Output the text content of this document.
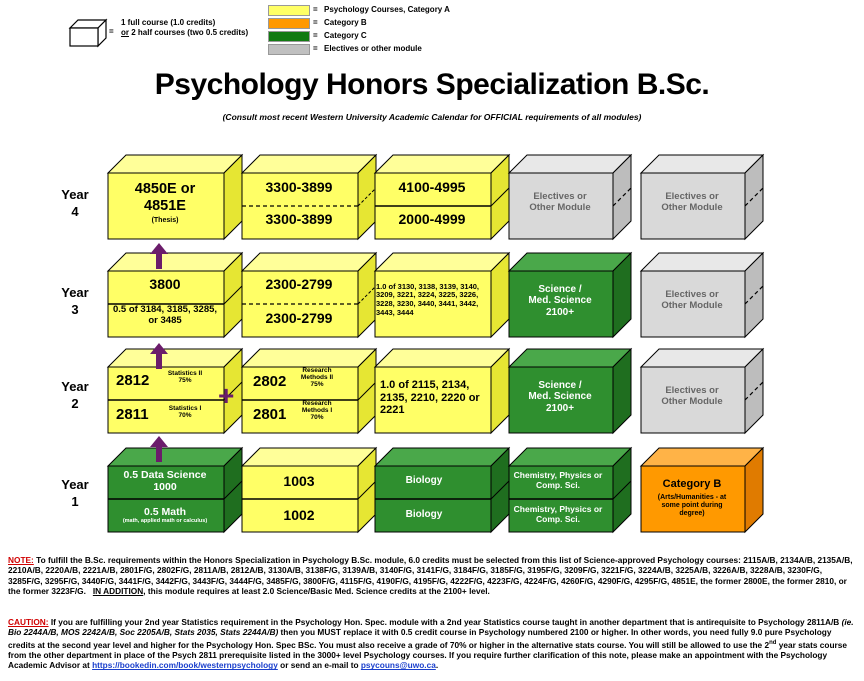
=
1 full course (1.0 credits)
or 2 half courses (two 0.5 credits)
= Psychology Courses, Category A
= Category B
= Category C
= Electives or other module
Psychology Honors Specialization B.Sc.
(Consult most recent Western University Academic Calendar for OFFICIAL requirements of all modules)
Year
4
Year
3
Year
2
Year
1
+
4850E or
4851E
(Thesis)
3300-3899
3300-3899
4100-4995
2000-4999
Electives or
Other Module
Electives or
Other Module
3800
0.5 of 3184, 3185, 3285, or 3485
2300-2799
2300-2799
1.0 of 3130, 3138, 3139, 3140, 3209, 3221, 3224, 3225, 3226, 3228, 3230, 3440, 3441, 3442, 3443, 3444
Science /
Med. Science
2100+
Electives or
Other Module
2812	Statistics II
75%
2811	Statistics I
70%
2802
Research Methods II
75%
2801
Research Methods I
70%
1.0 of 2115, 2134, 2135, 2210, 2220 or 2221
Science /
Med. Science
2100+
Electives or
Other Module
0.5 Data Science
1000
0.5 Math
(math, applied math or calculus)
1003
1002
Biology
Biology
Chemistry, Physics or Comp. Sci.
Chemistry, Physics or Comp. Sci.
Category B
(Arts/Humanities - at some point during degree)
NOTE: To fulfill the B.Sc. requirements within the Honors Specialization in Psychology B.Sc. module, 6.0 credits must be selected from this list of Science-approved Psychology courses: 2115A/B, 2134A/B, 2135A/B, 2210A/B, 2220A/B, 2221A/B, 2801F/G, 2802F/G, 2811A/B, 2812A/B, 3130A/B, 3138F/G, 3139A/B, 3140F/G, 3141F/G, 3184F/G, 3185F/G, 3195F/G, 3209F/G, 3221F/G, 3224A/B, 3225A/B, 3226A/B, 3228A/B, 3230F/G, 3285F/G, 3295F/G, 3440F/G, 3441F/G, 3442F/G, 3443F/G, 3444F/G, 3485F/G, 3800F/G, 4115F/G, 4190F/G, 4195F/G, 4222F/G, 4223F/G, 4224F/G, 4260F/G, 4290F/G, 4295F/G, 4851E, the former 2800E, the former 2810, or the former 3223F/G. IN ADDITION, this module requires at least 2.0 Science/Basic Med. Science credits at the 2100+ level.
CAUTION: If you are fulfilling your 2nd year Statistics requirement in the Psychology Hon. Spec. module with a 2nd year Statistics course taught in another department that is antirequisite to Psychology 2811A/B (ie. Bio 2244A/B, MOS 2242A/B, Soc 2205A/B, Stats 2035, Stats 2244A/B) then you MUST replace it with 0.5 credit course in Psychology numbered 2100 or higher. In other words, you need fully 9.0 pure Psychology credits at the second year level and higher for the Psychology Hon. Spec BSc. You must also receive a grade of 70% or higher in the alternative stats course. You will still be allowed to use the 2nd year stats course from the other department in place of the Psych 2811 prerequisite listed in the 3000+ level Psychology courses. If you require further clarification of this note, please make an appointment with the Psychology Academic Advisor at https://bookedin.com/book/westernpsychology or send an e-mail to psycouns@uwo.ca.
